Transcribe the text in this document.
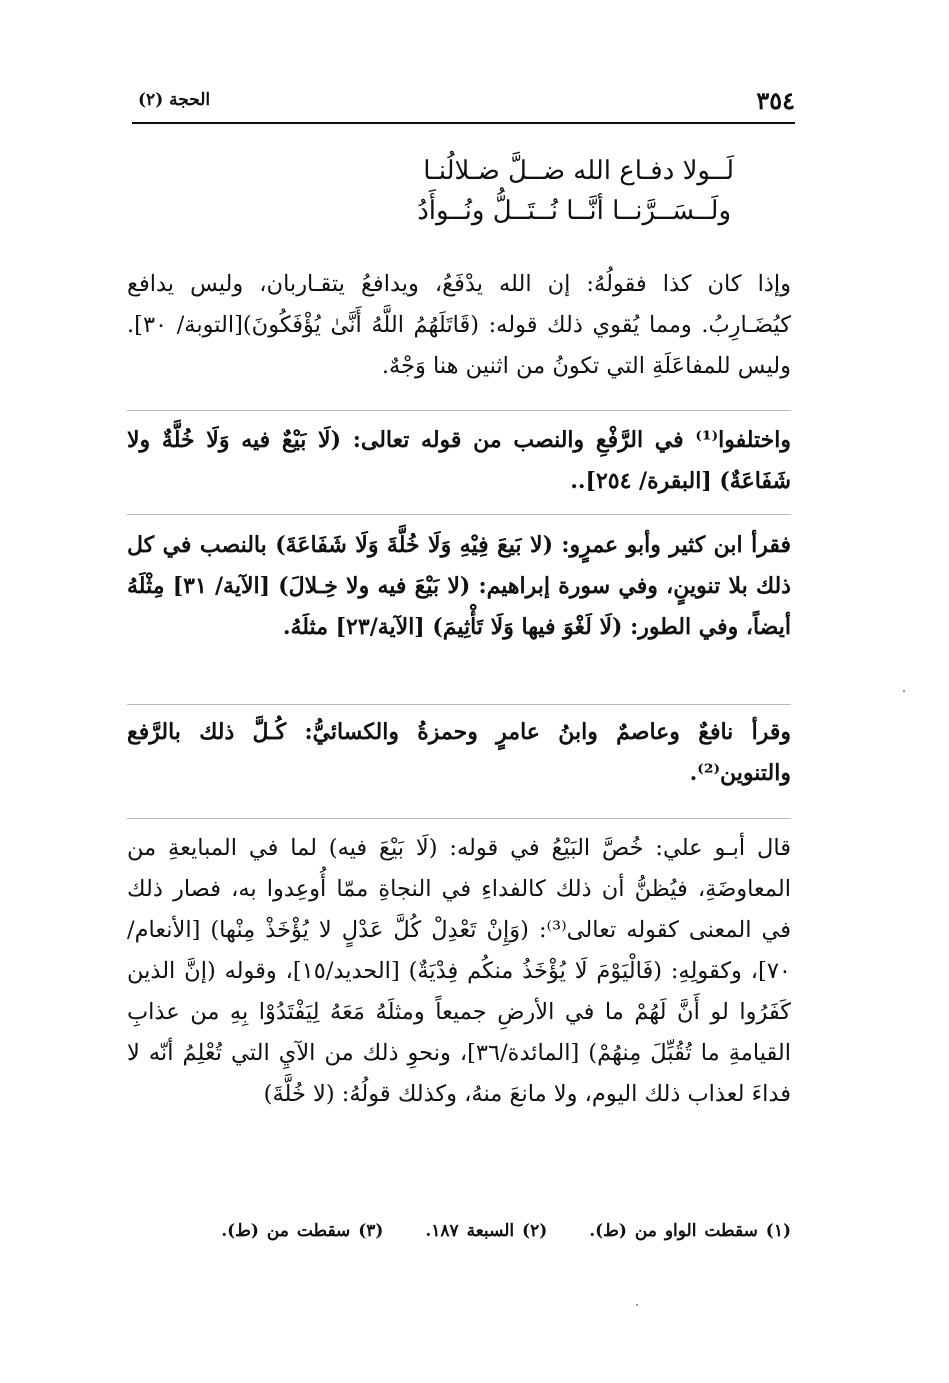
٣٥٤
الحجة (٢)
لَــولا دفـاع الله ضــلَّ ضـلالُنـا
ولَــسَــرَّنــا أنَّــا نُــتَــلُّ ونُــوأَدُ

وإذا كان كذا فقولُهُ: إن الله يدْفَعُ، ويدافعُ يتقـاربان، وليس يدافع كيُضَـارِبُ. ومما يُقوي ذلك قوله: (قَاتَلَهُمُ اللَّهُ أَنَّىٰ يُؤْفَكُونَ)[التوبة/ ٣٠]. وليس للمفاعَلَةِ التي تكونُ من اثنين هنا وَجْهٌ.

واختلفوا⁽¹⁾ في الرَّفْعِ والنصب من قوله تعالى: (لَا بَيْعٌ فيه وَلَا خُلَّةٌ ولا شَفَاعَةٌ) [البقرة/ ٢٥٤]..

فقرأ ابن كثير وأبو عمرٍو: (لا بَيعَ فِيْهِ وَلَا خُلَّةَ وَلَا شَفَاعَةَ) بالنصب في كل ذلك بلا تنوينٍ، وفي سورة إبراهيم: (لا بَيْعَ فيه ولا خِـلالَ) [الآية/ ٣١] مِثْلَهُ أيضاً، وفي الطور: (لَا لَغْوَ فيها وَلَا تَأْثِيمَ) [الآية/٢٣] مثلَهُ.

وقرأ نافعٌ وعاصمٌ وابنُ عامرٍ وحمزةُ والكسائيُّ: كُـلَّ ذلك بالرَّفع والتنوين⁽²⁾.

قال أبـو علي: خُصَّ البَيْعُ في قوله: (لَا بَيْعَ فيه) لما في المبايعةِ من المعاوضَةِ، فيُظنُّ أن ذلك كالفداءِ في النجاةِ ممّا أُوعِدوا به، فصار ذلك في المعنى كقوله تعالى⁽³⁾: (وَإِنْ تَعْدِلْ كُلَّ عَدْلٍ لا يُؤْخَذْ مِنْها) [الأنعام/٧٠]، وكقولِهِ: (فَالْيَوْمَ لَا يُؤْخَذُ منكُم فِدْيَةٌ) [الحديد/١٥]، وقوله (إنَّ الذين كَفَرُوا لو أَنَّ لَهُمْ ما في الأرضِ جميعاً ومثلَهُ مَعَهُ لِيَفْتَدُوْا بِهِ من عذابِ القيامةِ ما تُقُبِّلَ مِنهُمْ) [المائدة/٣٦]، ونحوِ ذلك من الآيِ التي تُعْلِمُ أنّه لا فداءَ لعذاب ذلك اليوم، ولا مانعَ منهُ، وكذلك قولُهُ: (لا خُلَّةَ)

(١) سقطت الواو من (ط). (٢) السبعة ١٨٧. (٣) سقطت من (ط).
